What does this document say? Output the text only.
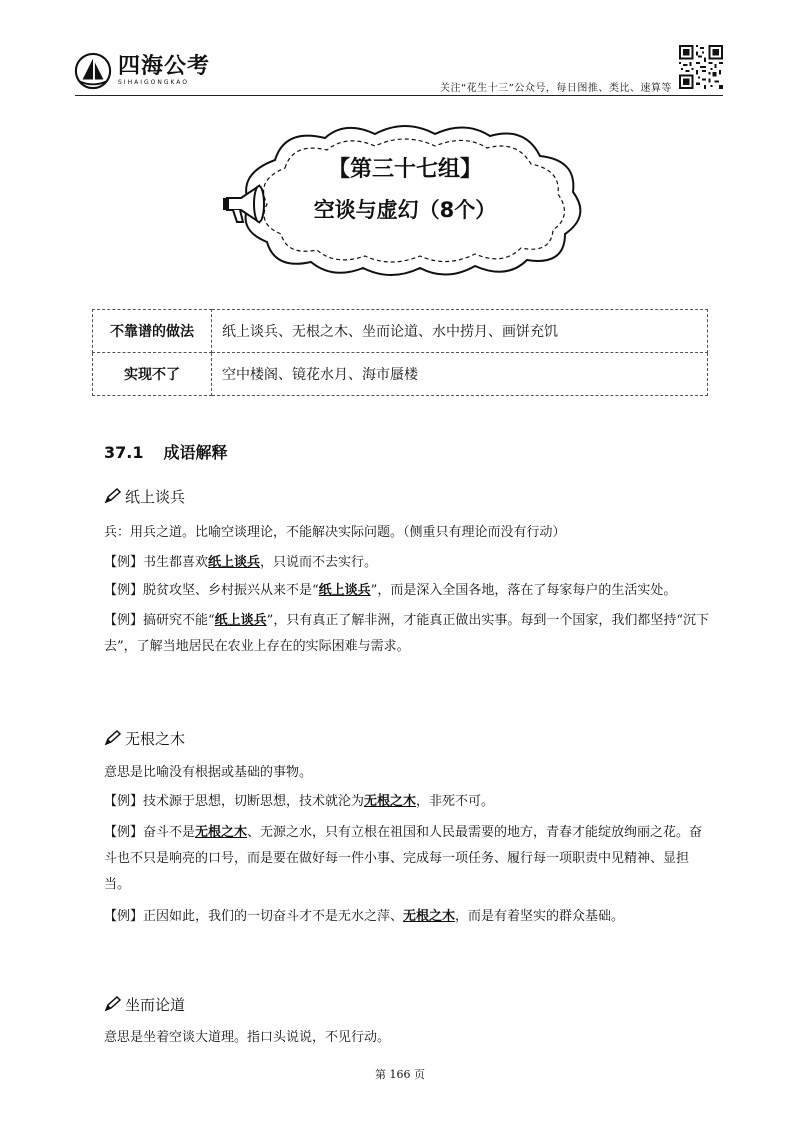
四海公考
SIHAIGONGKAO
关注“花生十三”公众号，每日图推、类比、速算等
【第三十七组】
空谈与虚幻（8个）
不靠谱的做法	纸上谈兵、无根之木、坐而论道、水中捞月、画饼充饥
实现不了	空中楼阁、镜花水月、海市蜃楼
37.1 成语解释
纸上谈兵
兵：用兵之道。比喻空谈理论，不能解决实际问题。（侧重只有理论而没有行动）
【例】书生都喜欢纸上谈兵，只说而不去实行。
【例】脱贫攻坚、乡村振兴从来不是“纸上谈兵”，而是深入全国各地，落在了每家每户的生活实处。
【例】搞研究不能“纸上谈兵”，只有真正了解非洲，才能真正做出实事。每到一个国家，我们都坚持“沉下去”，了解当地居民在农业上存在的实际困难与需求。
无根之木
意思是比喻没有根据或基础的事物。
【例】技术源于思想，切断思想，技术就沦为无根之木，非死不可。
【例】奋斗不是无根之木、无源之水，只有立根在祖国和人民最需要的地方，青春才能绽放绚丽之花。奋斗也不只是响亮的口号，而是要在做好每一件小事、完成每一项任务、履行每一项职责中见精神、显担当。
【例】正因如此，我们的一切奋斗才不是无水之萍、无根之木，而是有着坚实的群众基础。
坐而论道
意思是坐着空谈大道理。指口头说说，不见行动。
第 166 页
